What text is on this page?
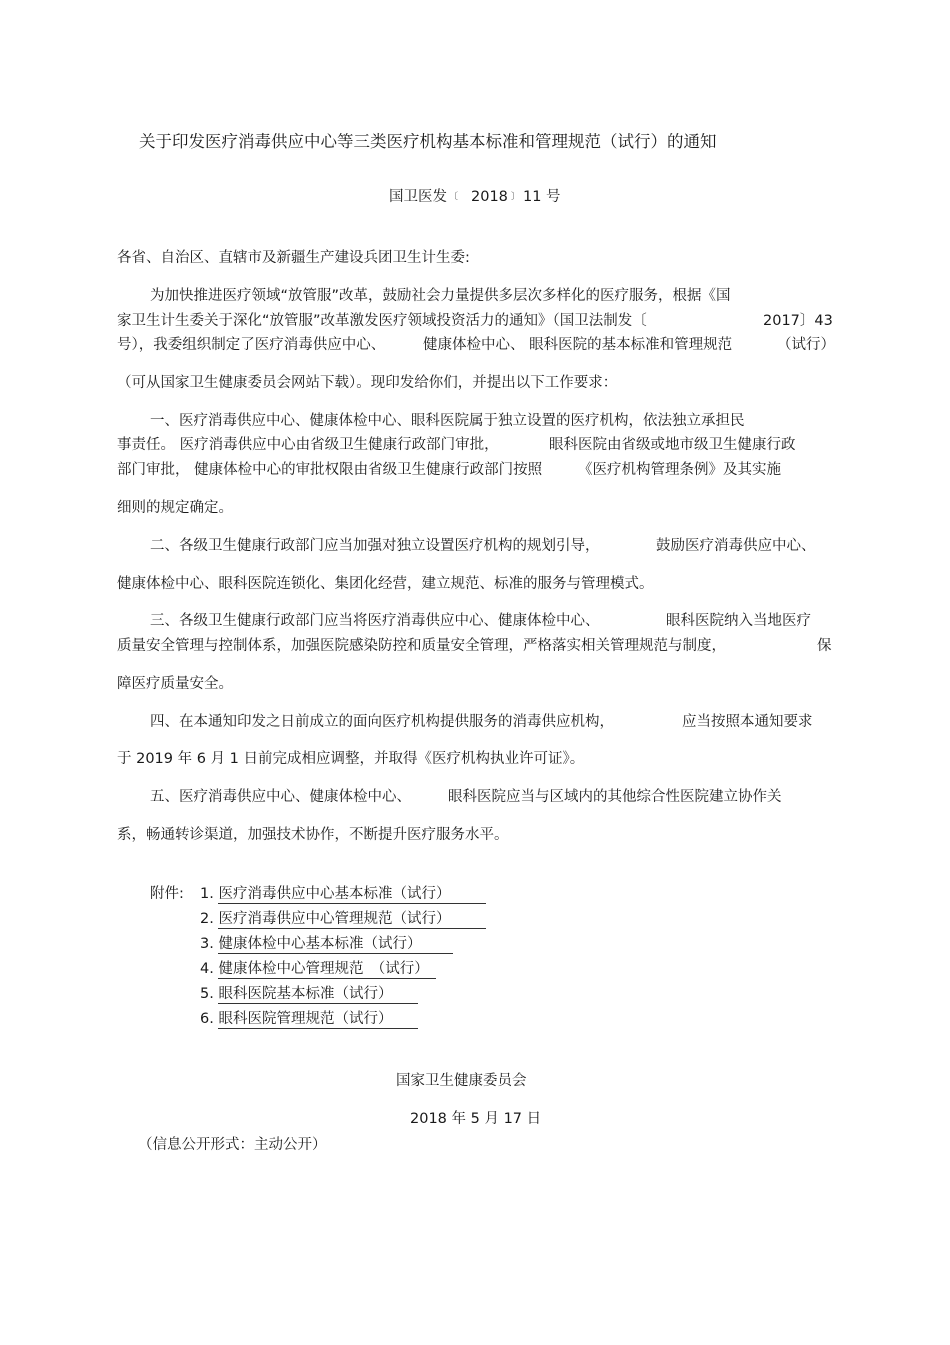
关于印发医疗消毒供应中心等三类医疗机构基本标准和管理规范（试行）的通知
国卫医发 〔 2018 〕 11 号
各省、自治区、直辖市及新疆生产建设兵团卫生计生委:
为加快推进医疗领域“放管服”改革，鼓励社会力量提供多层次多样化的医疗服务，根据《国
家卫生计生委关于深化“放管服”改革激发医疗领域投资活力的通知》（国卫法制发〔	2017〕43
号），我委组织制定了医疗消毒供应中心、	健康体检中心、 眼科医院的基本标准和管理规范	（试行）
（可从国家卫生健康委员会网站下载）。现印发给你们，并提出以下工作要求：
一、医疗消毒供应中心、健康体检中心、眼科医院属于独立设置的医疗机构，依法独立承担民
事责任。 医疗消毒供应中心由省级卫生健康行政部门审批，	眼科医院由省级或地市级卫生健康行政
部门审批， 健康体检中心的审批权限由省级卫生健康行政部门按照 《医疗机构管理条例》及其实施
细则的规定确定。
二、各级卫生健康行政部门应当加强对独立设置医疗机构的规划引导，	鼓励医疗消毒供应中心、
健康体检中心、眼科医院连锁化、集团化经营，建立规范、标准的服务与管理模式。
三、各级卫生健康行政部门应当将医疗消毒供应中心、健康体检中心、	眼科医院纳入当地医疗
质量安全管理与控制体系，加强医院感染防控和质量安全管理，严格落实相关管理规范与制度，	保
障医疗质量安全。
四、在本通知印发之日前成立的面向医疗机构提供服务的消毒供应机构，	应当按照本通知要求
于 2019 年 6 月 1 日前完成相应调整，并取得《医疗机构执业许可证》。
五、医疗消毒供应中心、健康体检中心、	眼科医院应当与区域内的其他综合性医院建立协作关
系，畅通转诊渠道，加强技术协作，不断提升医疗服务水平。
附件: 1. 医疗消毒供应中心基本标准（试行）
2. 医疗消毒供应中心管理规范（试行）
3. 健康体检中心基本标准（试行）
4. 健康体检中心管理规范　（试行）
5. 眼科医院基本标准（试行）
6. 眼科医院管理规范（试行）
国家卫生健康委员会
2018 年 5 月 17 日
（信息公开形式：主动公开）
